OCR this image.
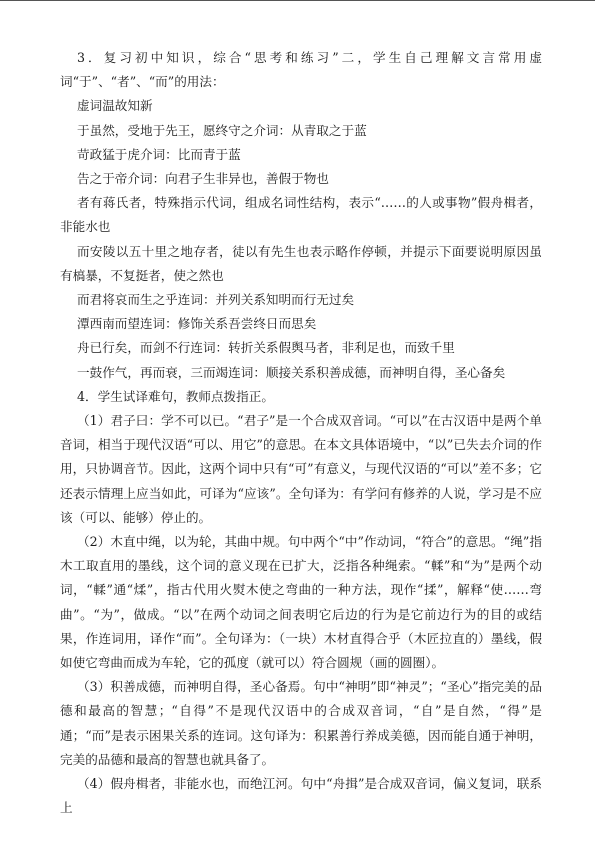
3．复习初中知识，综合“思考和练习”二，学生自己理解文言常用虚词“于”、“者”、“而”的用法：

虚词温故知新

于虽然，受地于先王，愿终守之介词：从青取之于蓝

苛政猛于虎介词：比而青于蓝

告之于帝介词：向君子生非异也，善假于物也

者有蒋氏者，特殊指示代词，组成名词性结构，表示“……的人或事物”假舟楫者，非能水也

而安陵以五十里之地存者，徒以有先生也表示略作停顿，并提示下面要说明原因虽有槁暴，不复挺者，使之然也

而君将哀而生之乎连词：并列关系知明而行无过矣

潭西南而望连词：修饰关系吾尝终日而思矣

舟已行矣，而剑不行连词：转折关系假舆马者，非利足也，而致千里

一鼓作气，再而衰，三而竭连词：顺接关系积善成德，而神明自得，圣心备矣

4．学生试译难句，教师点拨指正。

（1）君子曰：学不可以已。“君子”是一个合成双音词。“可以”在古汉语中是两个单音词，相当于现代汉语“可以、用它”的意思。在本文具体语境中，“以”已失去介词的作用，只协调音节。因此，这两个词中只有“可”有意义，与现代汉语的“可以”差不多；它还表示情理上应当如此，可译为“应该”。全句译为：有学问有修养的人说，学习是不应该（可以、能够）停止的。

（2）木直中绳，以为轮，其曲中规。句中两个“中”作动词，“符合”的意思。“绳”指木工取直用的墨线，这个词的意义现在已扩大，泛指各种绳索。“輮”和“为”是两个动词，“輮”通“煣”，指古代用火熨木使之弯曲的一种方法，现作“揉”，解释“使……弯曲”。“为”，做成。“以”在两个动词之间表明它后边的行为是它前边行为的目的或结果，作连词用，译作“而”。全句译为：（一块）木材直得合乎（木匠拉直的）墨线，假如使它弯曲而成为车轮，它的孤度（就可以）符合圆规（画的圆圈）。

（3）积善成德，而神明自得，圣心备焉。句中“神明”即“神灵”；“圣心”指完美的品德和最高的智慧；“自得”不是现代汉语中的合成双音词，“自”是自然，“得”是通；“而”是表示困果关系的连词。这句译为：积累善行养成美德，因而能自通于神明，完美的品德和最高的智慧也就具备了。

（4）假舟楫者，非能水也，而绝江河。句中“舟揖”是合成双音词，偏义复词，联系上
